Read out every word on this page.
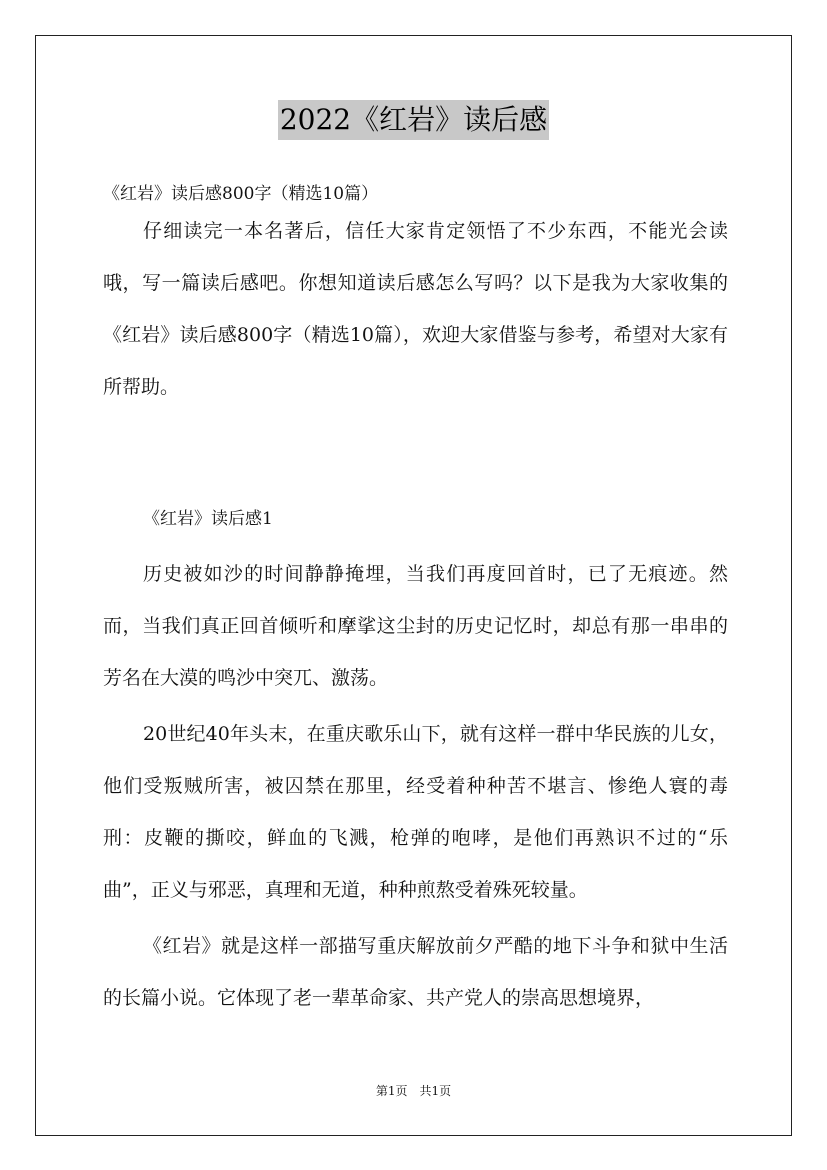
2022《红岩》读后感
《红岩》读后感800字（精选10篇）

仔细读完一本名著后，信任大家肯定领悟了不少东西，不能光会读哦，写一篇读后感吧。你想知道读后感怎么写吗？以下是我为大家收集的《红岩》读后感800字（精选10篇），欢迎大家借鉴与参考，希望对大家有所帮助。

《红岩》读后感1

历史被如沙的时间静静掩埋，当我们再度回首时，已了无痕迹。然而，当我们真正回首倾听和摩挲这尘封的历史记忆时，却总有那一串串的芳名在大漠的鸣沙中突兀、激荡。

20世纪40年头末，在重庆歌乐山下，就有这样一群中华民族的儿女，他们受叛贼所害，被囚禁在那里，经受着种种苦不堪言、惨绝人寰的毒刑：皮鞭的撕咬，鲜血的飞溅，枪弹的咆哮，是他们再熟识不过的“乐曲”，正义与邪恶，真理和无道，种种煎熬受着殊死较量。

《红岩》就是这样一部描写重庆解放前夕严酷的地下斗争和狱中生活的长篇小说。它体现了老一辈革命家、共产党人的崇高思想境界，

第1页　共1页
